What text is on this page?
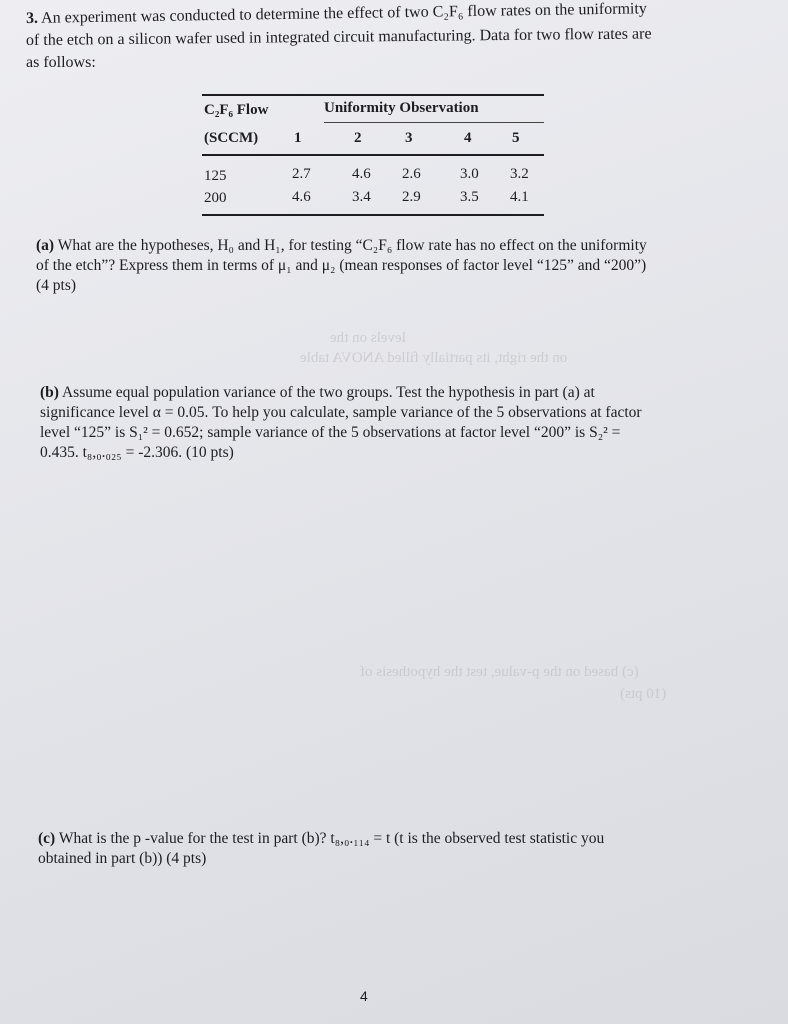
on the right, its partially filled ANOVA table
levels on the
(c) based on the p-value, test the hypothesis of
(10 pts)
3. An experiment was conducted to determine the effect of two C₂F₆ flow rates on the uniformity
of the etch on a silicon wafer used in integrated circuit manufacturing. Data for two flow rates are
as follows:
C₂F₆ Flow
(SCCM)
Uniformity Observation
1	2	3	4	5
125	2.7	4.6 2.6	3.0 3.2
200	4.6	3.4 2.9	3.5 4.1
(a) What are the hypotheses, H₀ and H₁, for testing “C₂F₆ flow rate has no effect on the uniformity
of the etch”? Express them in terms of μ₁ and μ₂ (mean responses of factor level “125” and “200”)
(4 pts)
(b) Assume equal population variance of the two groups. Test the hypothesis in part (a) at
significance level α = 0.05. To help you calculate, sample variance of the 5 observations at factor
level “125” is S₁² = 0.652; sample variance of the 5 observations at factor level “200” is S₂² =
0.435. t₈,₀.₀₂₅ = -2.306. (10 pts)
(c) What is the p -value for the test in part (b)? t₈,₀.₁₁₄ = t (t is the observed test statistic you
obtained in part (b)) (4 pts)
4
